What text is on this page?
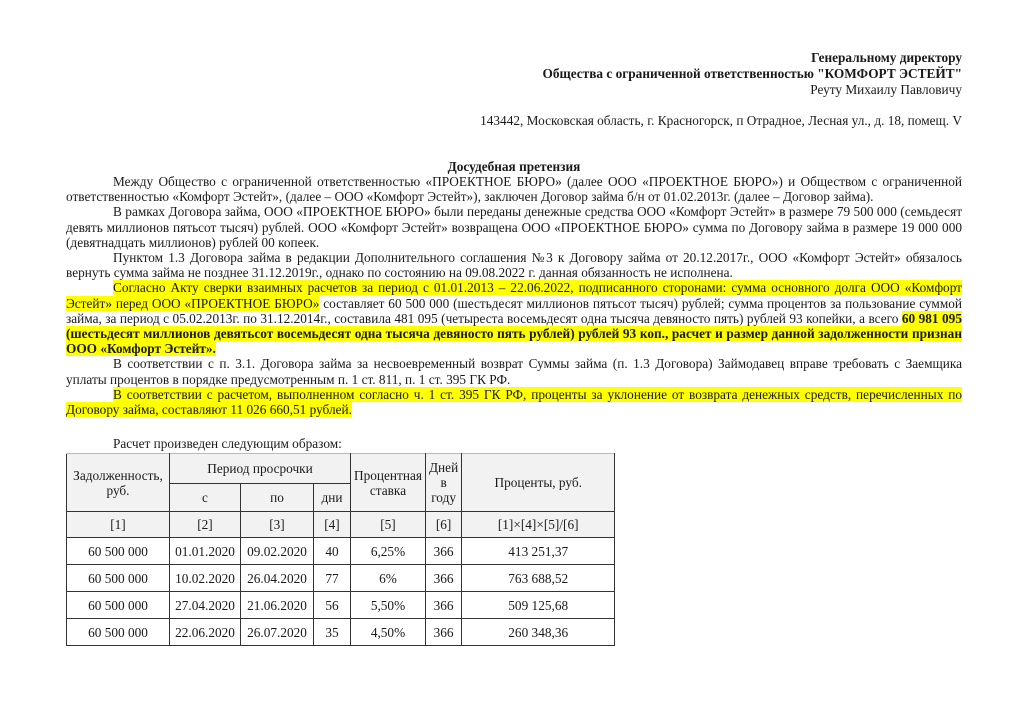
Генеральному директору
Общества с ограниченной ответственностью "КОМФОРТ ЭСТЕЙТ"
Реуту Михаилу Павловичу
143442, Московская область, г. Красногорск, п Отрадное, Лесная ул., д. 18, помещ. V
Досудебная претензия

Между Общество с ограниченной ответственностью «ПРОЕКТНОЕ БЮРО» (далее ООО «ПРОЕКТНОЕ БЮРО») и Обществом с ограниченной ответственностью «Комфорт Эстейт», (далее – ООО «Комфорт Эстейт»), заключен Договор займа б/н от 01.02.2013г. (далее – Договор займа).

В рамках Договора займа, ООО «ПРОЕКТНОЕ БЮРО» были переданы денежные средства ООО «Комфорт Эстейт» в размере 79 500 000 (семьдесят девять миллионов пятьсот тысяч) рублей. ООО «Комфорт Эстейт» возвращена ООО «ПРОЕКТНОЕ БЮРО» сумма по Договору займа в размере 19 000 000 (девятнадцать миллионов) рублей 00 копеек.

Пунктом 1.3 Договора займа в редакции Дополнительного соглашения №3 к Договору займа от 20.12.2017г., ООО «Комфорт Эстейт» обязалось вернуть сумма займа не позднее 31.12.2019г., однако по состоянию на 09.08.2022 г. данная обязанность не исполнена.

Согласно Акту сверки взаимных расчетов за период с 01.01.2013 – 22.06.2022, подписанного сторонами: сумма основного долга ООО «Комфорт Эстейт» перед ООО «ПРОЕКТНОЕ БЮРО» составляет 60 500 000 (шестьдесят миллионов пятьсот тысяч) рублей; сумма процентов за пользование суммой займа, за период с 05.02.2013г. по 31.12.2014г., составила 481 095 (четыреста восемьдесят одна тысяча девяносто пять) рублей 93 копейки, а всего 60 981 095 (шестьдесят миллионов девятьсот восемьдесят одна тысяча девяносто пять рублей) рублей 93 коп., расчет и размер данной задолженности признан ООО «Комфорт Эстейт».

В соответствии с п. 3.1. Договора займа за несвоевременный возврат Суммы займа (п. 1.3 Договора) Займодавец вправе требовать с Заемщика уплаты процентов в порядке предусмотренным п. 1 ст. 811, п. 1 ст. 395 ГК РФ.

В соответствии с расчетом, выполненном согласно ч. 1 ст. 395 ГК РФ, проценты за уклонение от возврата денежных средств, перечисленных по Договору займа, составляют 11 026 660,51 рублей.

Расчет произведен следующим образом:
Задолженность, руб.	Период просрочки			Процентная ставка	Дней в году	Проценты, руб.
	с	по	дни			
[1]	[2]	[3]	[4]	[5]	[6]	[1]×[4]×[5]/[6]
60 500 000	01.01.2020	09.02.2020	40	6,25%	366	413 251,37
60 500 000	10.02.2020	26.04.2020	77	6%	366	763 688,52
60 500 000	27.04.2020	21.06.2020	56	5,50%	366	509 125,68
60 500 000	22.06.2020	26.07.2020	35	4,50%	366	260 348,36
